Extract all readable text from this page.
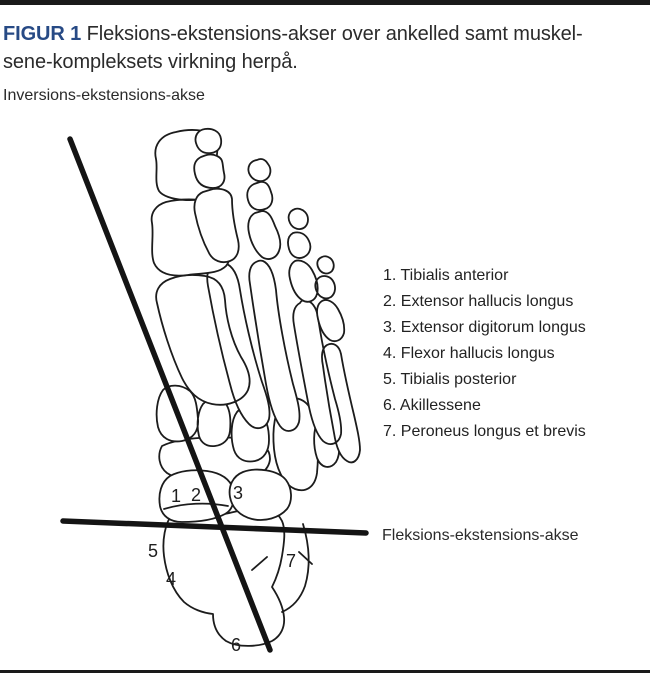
FIGUR 1 Fleksions-ekstensions-akser over ankelled samt muskel-sene-kompleksets virkning herpå.

Inversions-ekstensions-akse
1 2 3
5
4
7
6
1. Tibialis anterior
2. Extensor hallucis longus
3. Extensor digitorum longus
4. Flexor hallucis longus
5. Tibialis posterior
6. Akillessene
7. Peroneus longus et brevis
Fleksions-ekstensions-akse
